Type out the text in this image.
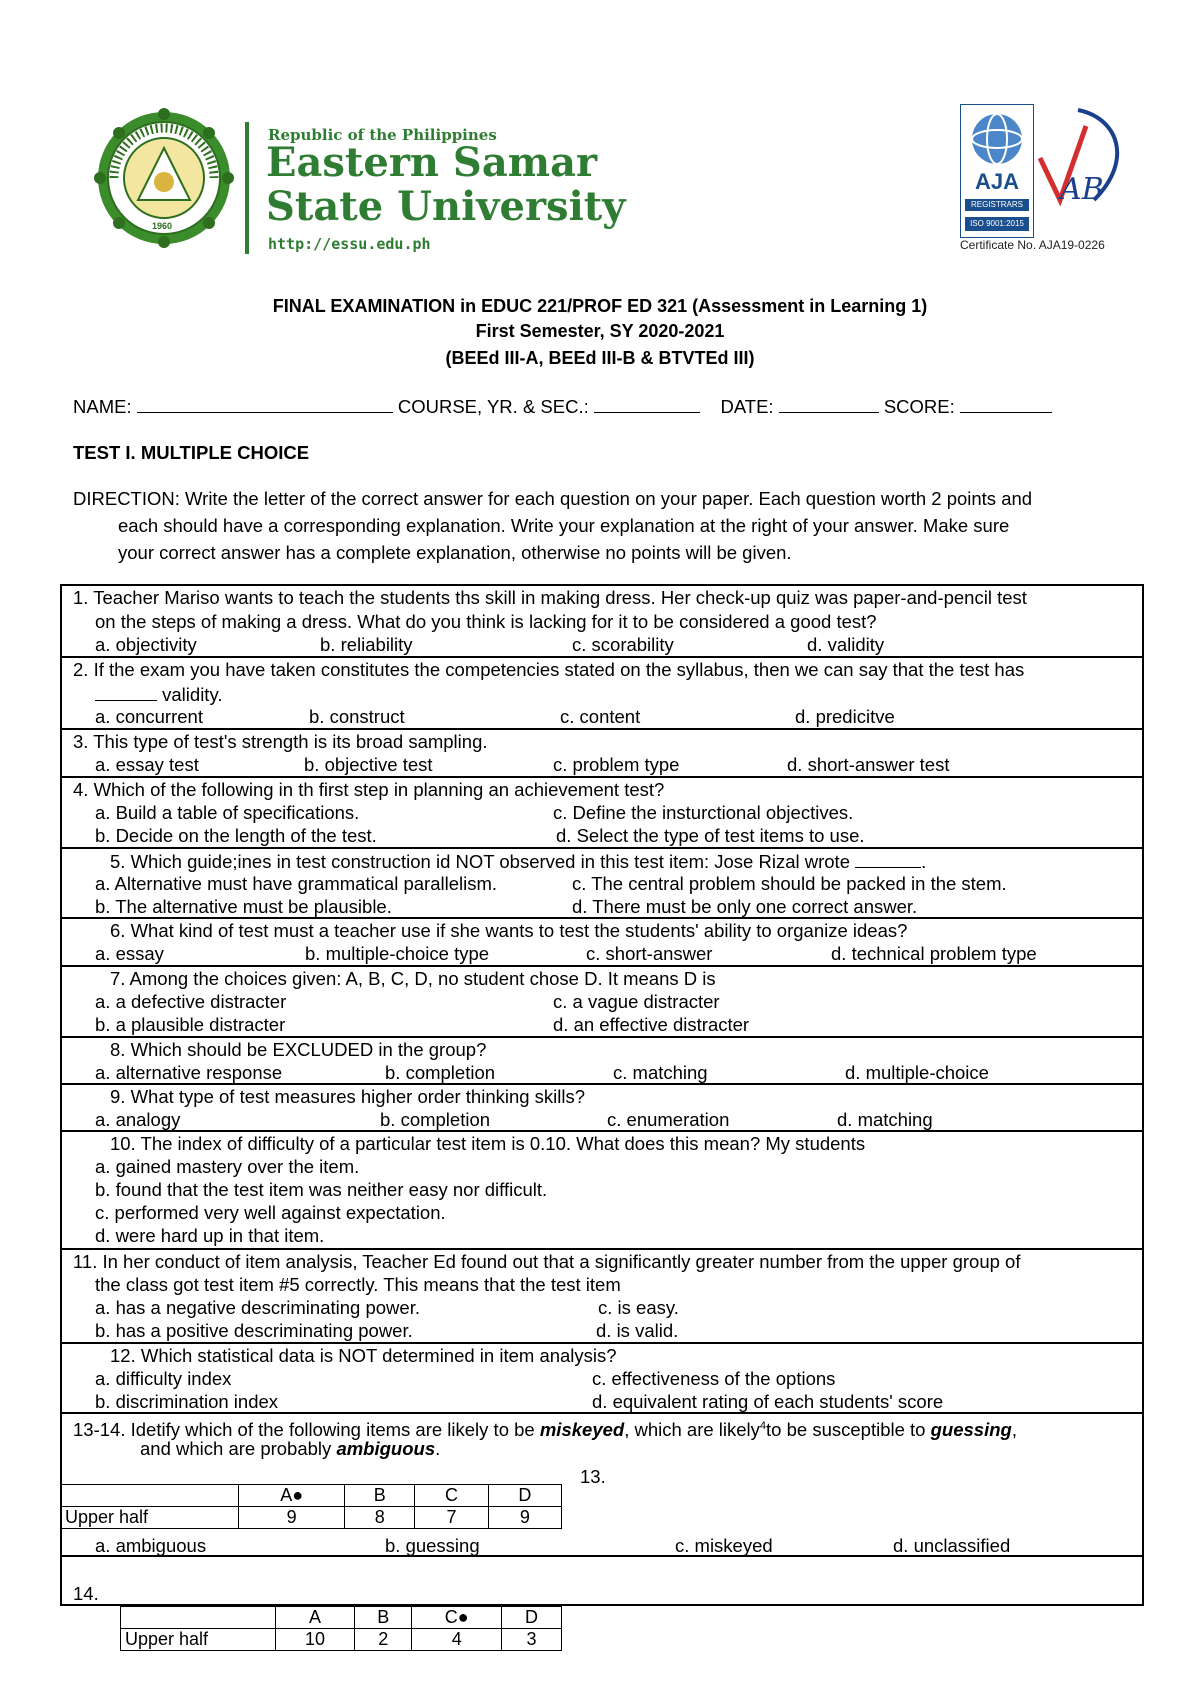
1960
Republic of the Philippines
Eastern Samar
State University
http://essu.edu.ph
AJA
REGISTRARS
ISO 9001:2015
AB
Certificate No. AJA19-0226
FINAL EXAMINATION in EDUC 221/PROF ED 321 (Assessment in Learning 1)
First Semester, SY 2020-2021
(BEEd III-A, BEEd III-B & BTVTEd III)
NAME:	COURSE, YR. & SEC.:	DATE:	SCORE:
TEST I. MULTIPLE CHOICE
DIRECTION: Write the letter of the correct answer for each question on your paper. Each question worth 2 points and
each should have a corresponding explanation. Write your explanation at the right of your answer. Make sure
your correct answer has a complete explanation, otherwise no points will be given.
1. Teacher Mariso wants to teach the students ths skill in making dress. Her check-up quiz was paper-and-pencil test
on the steps of making a dress. What do you think is lacking for it to be considered a good test?
a. objectivity	b. reliability	c. scorability	d. validity
2. If the exam you have taken constitutes the competencies stated on the syllabus, then we can say that the test has
validity.
a. concurrent	b. construct	c. content	d. predicitve
3. This type of test's strength is its broad sampling.
a. essay test	b. objective test	c. problem type	d. short-answer test
4. Which of the following in th first step in planning an achievement test?
a. Build a table of specifications.	c. Define the insturctional objectives.
b. Decide on the length of the test.	d. Select the type of test items to use.
5. Which guide;ines in test construction id NOT observed in this test item: Jose Rizal wrote	.
a. Alternative must have grammatical parallelism.	c. The central problem should be packed in the stem.
b. The alternative must be plausible.	d. There must be only one correct answer.
6. What kind of test must a teacher use if she wants to test the students' ability to organize ideas?
a. essay	b. multiple-choice type	c. short-answer	d. technical problem type
7. Among the choices given: A, B, C, D, no student chose D. It means D is
a. a defective distracter	c. a vague distracter
b. a plausible distracter	d. an effective distracter
8. Which should be EXCLUDED in the group?
a. alternative response	b. completion	c. matching	d. multiple-choice
9. What type of test measures higher order thinking skills?
a. analogy	b. completion	c. enumeration	d. matching
10. The index of difficulty of a particular test item is 0.10. What does this mean? My students
a. gained mastery over the item.
b. found that the test item was neither easy nor difficult.
c. performed very well against expectation.
d. were hard up in that item.
11. In her conduct of item analysis, Teacher Ed found out that a significantly greater number from the upper group of
the class got test item #5 correctly. This means that the test item
a. has a negative descriminating power.	c. is easy.
b. has a positive descriminating power.	d. is valid.
12. Which statistical data is NOT determined in item analysis?
a. difficulty index	c. effectiveness of the options
b. discrimination index	d. equivalent rating of each students' score
13-14. Idetify which of the following items are likely to be miskeyed, which are likely$^4$to be susceptible to guessing,
and which are probably ambiguous.
13.
	A●	B	C	D
Upper half	9	8	7	9
a. ambiguous	b. guessing	c. miskeyed	d. unclassified
14.
	A	B	C●	D
Upper half	10	2	4	3
